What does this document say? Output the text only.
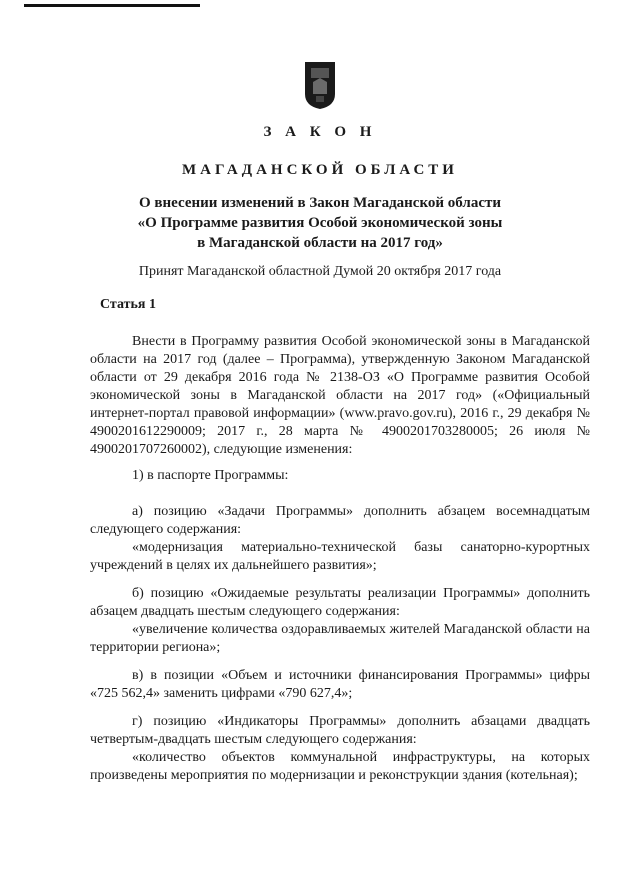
З А К О Н
МАГАДАНСКОЙ ОБЛАСТИ
О внесении изменений в Закон Магаданской области
«О Программе развития Особой экономической зоны
в Магаданской области на 2017 год»
Принят Магаданской областной Думой 20 октября 2017 года
Статья 1
Внести в Программу развития Особой экономической зоны в Магаданской области на 2017 год (далее – Программа), утвержденную Законом Магаданской области от 29 декабря 2016 года № 2138-ОЗ «О Программе развития Особой экономической зоны в Магаданской области на 2017 год» («Официальный интернет-портал правовой информации» (www.pravo.gov.ru), 2016 г., 29 декабря № 4900201612290009; 2017 г., 28 марта № 4900201703280005; 26 июля № 4900201707260002), следующие изменения:
1) в паспорте Программы:
а) позицию «Задачи Программы» дополнить абзацем восемнадцатым следующего содержания:
«модернизация материально-технической базы санаторно-курортных учреждений в целях их дальнейшего развития»;
б) позицию «Ожидаемые результаты реализации Программы» дополнить абзацем двадцать шестым следующего содержания:
«увеличение количества оздоравливаемых жителей Магаданской области на территории региона»;
в) в позиции «Объем и источники финансирования Программы» цифры «725 562,4» заменить цифрами «790 627,4»;
г) позицию «Индикаторы Программы» дополнить абзацами двадцать четвертым-двадцать шестым следующего содержания:
«количество объектов коммунальной инфраструктуры, на которых произведены мероприятия по модернизации и реконструкции здания (котельная);
